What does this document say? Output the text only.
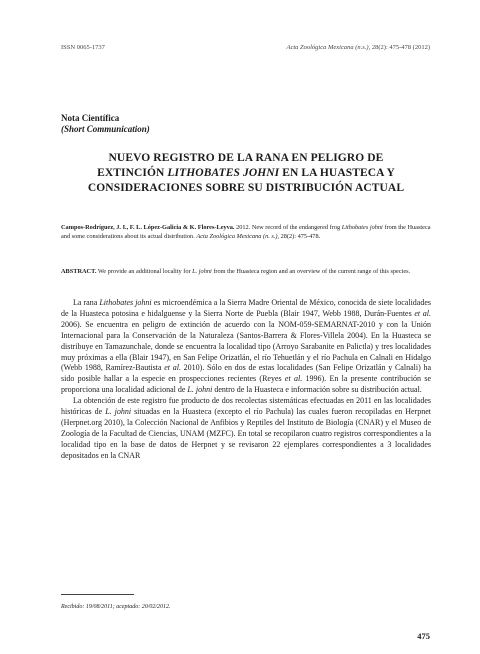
ISSN 0065-1737	Acta Zoológica Mexicana (n.s.), 28(2): 475-478 (2012)
Nota Científica
(Short Communication)
NUEVO REGISTRO DE LA RANA EN PELIGRO DE
EXTINCIÓN LITHOBATES JOHNI EN LA HUASTECA Y
CONSIDERACIONES SOBRE SU DISTRIBUCIÓN ACTUAL
Campos-Rodríguez, J. I., F. L. López-Galicia & K. Flores-Leyva. 2012. New record of the endangered frog Lithobates johni from the Huasteca and some considerations about its actual distribution. Acta Zoológica Mexicana (n. s.), 28(2): 475-478.
ABSTRACT. We provide an additional locality for L. johni from the Huasteca region and an overview of the current range of this species.

La rana Lithobates johni es microendémica a la Sierra Madre Oriental de México, conocida de siete localidades de la Huasteca potosina e hidalguense y la Sierra Norte de Puebla (Blair 1947, Webb 1988, Durán-Fuentes et al. 2006). Se encuentra en peligro de extinción de acuerdo con la NOM-059-SEMARNAT-2010 y con la Unión Internacional para la Conservación de la Naturaleza (Santos-Barrera & Flores-Villela 2004). En la Huasteca se distribuye en Tamazunchale, donde se encuentra la localidad tipo (Arroyo Sarabanite en Palictla) y tres localidades muy próximas a ella (Blair 1947), en San Felipe Orizatlán, el río Tehuetlán y el río Pachula en Calnali en Hidalgo (Webb 1988, Ramírez-Bautista et al. 2010). Sólo en dos de estas localidades (San Felipe Orizatlán y Calnali) ha sido posible hallar a la especie en prospecciones recientes (Reyes et al. 1996). En la presente contribución se proporciona una localidad adicional de L. johni dentro de la Huasteca e información sobre su distribución actual.

La obtención de este registro fue producto de dos recolectas sistemáticas efectuadas en 2011 en las localidades históricas de L. johni situadas en la Huasteca (excepto el río Pachula) las cuales fueron recopiladas en Herpnet (Herpnet.org 2010), la Colección Nacional de Anfibios y Reptiles del Instituto de Biología (CNAR) y el Museo de Zoología de la Facultad de Ciencias, UNAM (MZFC). En total se recopilaron cuatro registros correspondientes a la localidad tipo en la base de datos de Herpnet y se revisaron 22 ejemplares correspondientes a 3 localidades depositados en la CNAR

Recibido: 19/08/2011; aceptado: 20/02/2012.
475
